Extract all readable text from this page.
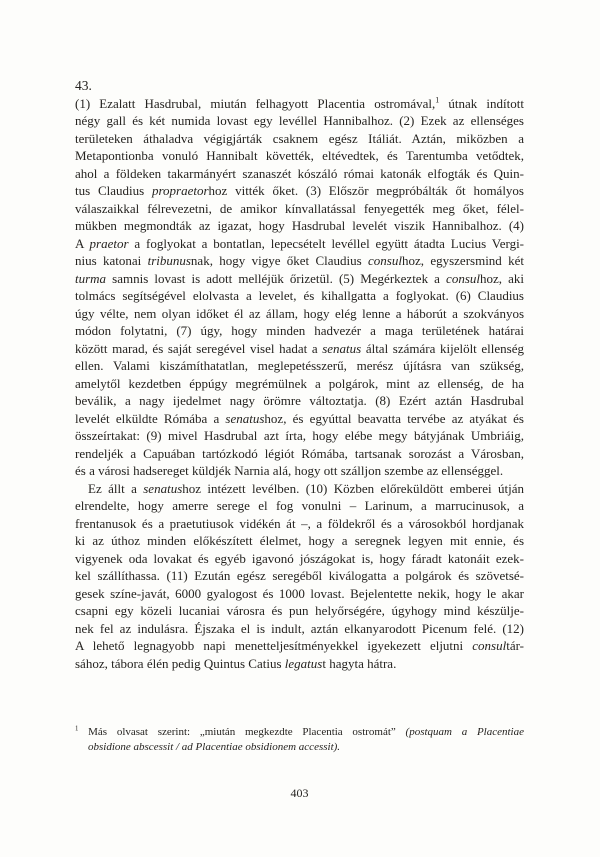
43.
(1) Ezalatt Hasdrubal, miután felhagyott Placentia ostromával,$^1$ útnak indított
négy gall és két numida lovast egy levéllel Hannibalhoz. (2) Ezek az ellenséges
területeken áthaladva végigjárták csaknem egész Itáliát. Aztán, miközben a
Metapontionba vonuló Hannibalt követték, eltévedtek, és Tarentumba vetődtek,
ahol a földeken takarmányért szanaszét kószáló római katonák elfogták és Quin-
tus Claudius propraetorhoz vitték őket. (3) Először megpróbálták őt homályos
válaszaikkal félrevezetni, de amikor kínvallatással fenyegették meg őket, félel-
mükben megmondták az igazat, hogy Hasdrubal levelét viszik Hannibalhoz. (4)
A praetor a foglyokat a bontatlan, lepecsételt levéllel együtt átadta Lucius Vergi-
nius katonai tribunusnak, hogy vigye őket Claudius consulhoz, egyszersmind két
turma samnis lovast is adott melléjük őrizetül. (5) Megérkeztek a consulhoz, aki
tolmács segítségével elolvasta a levelet, és kihallgatta a foglyokat. (6) Claudius
úgy vélte, nem olyan időket él az állam, hogy elég lenne a háborút a szokványos
módon folytatni, (7) úgy, hogy minden hadvezér a maga területének határai
között marad, és saját seregével visel hadat a senatus által számára kijelölt ellenség
ellen. Valami kiszámíthatatlan, meglepetésszerű, merész újításra van szükség,
amelytől kezdetben éppúgy megrémülnek a polgárok, mint az ellenség, de ha
beválik, a nagy ijedelmet nagy örömre változtatja. (8) Ezért aztán Hasdrubal
levelét elküldte Rómába a senatushoz, és egyúttal beavatta tervébe az atyákat és
összeírtakat: (9) mivel Hasdrubal azt írta, hogy elébe megy bátyjának Umbriáig,
rendeljék a Capuában tartózkodó légiót Rómába, tartsanak sorozást a Városban,
és a városi hadsereget küldjék Narnia alá, hogy ott szálljon szembe az ellenséggel.
Ez állt a senatushoz intézett levélben. (10) Közben előreküldött emberei útján
elrendelte, hogy amerre serege el fog vonulni – Larinum, a marrucinusok, a
frentanusok és a praetutiusok vidékén át –, a földekről és a városokból hordjanak
ki az úthoz minden előkészített élelmet, hogy a seregnek legyen mit ennie, és
vigyenek oda lovakat és egyéb igavonó jószágokat is, hogy fáradt katonáit ezek-
kel szállíthassa. (11) Ezután egész seregéből kiválogatta a polgárok és szövetsé-
gesek színe-javát, 6000 gyalogost és 1000 lovast. Bejelentette nekik, hogy le akar
csapni egy közeli lucaniai városra és pun helyőrségére, úgyhogy mind készülje-
nek fel az indulásra. Éjszaka el is indult, aztán elkanyarodott Picenum felé. (12)
A lehető legnagyobb napi menetteljesítményekkel igyekezett eljutni consultár-
sához, tábora élén pedig Quintus Catius legatust hagyta hátra.
$^1$ Más olvasat szerint: „miután megkezdte Placentia ostromát” (postquam a Placentiae
obsidione abscessit / ad Placentiae obsidionem accessit).
403
